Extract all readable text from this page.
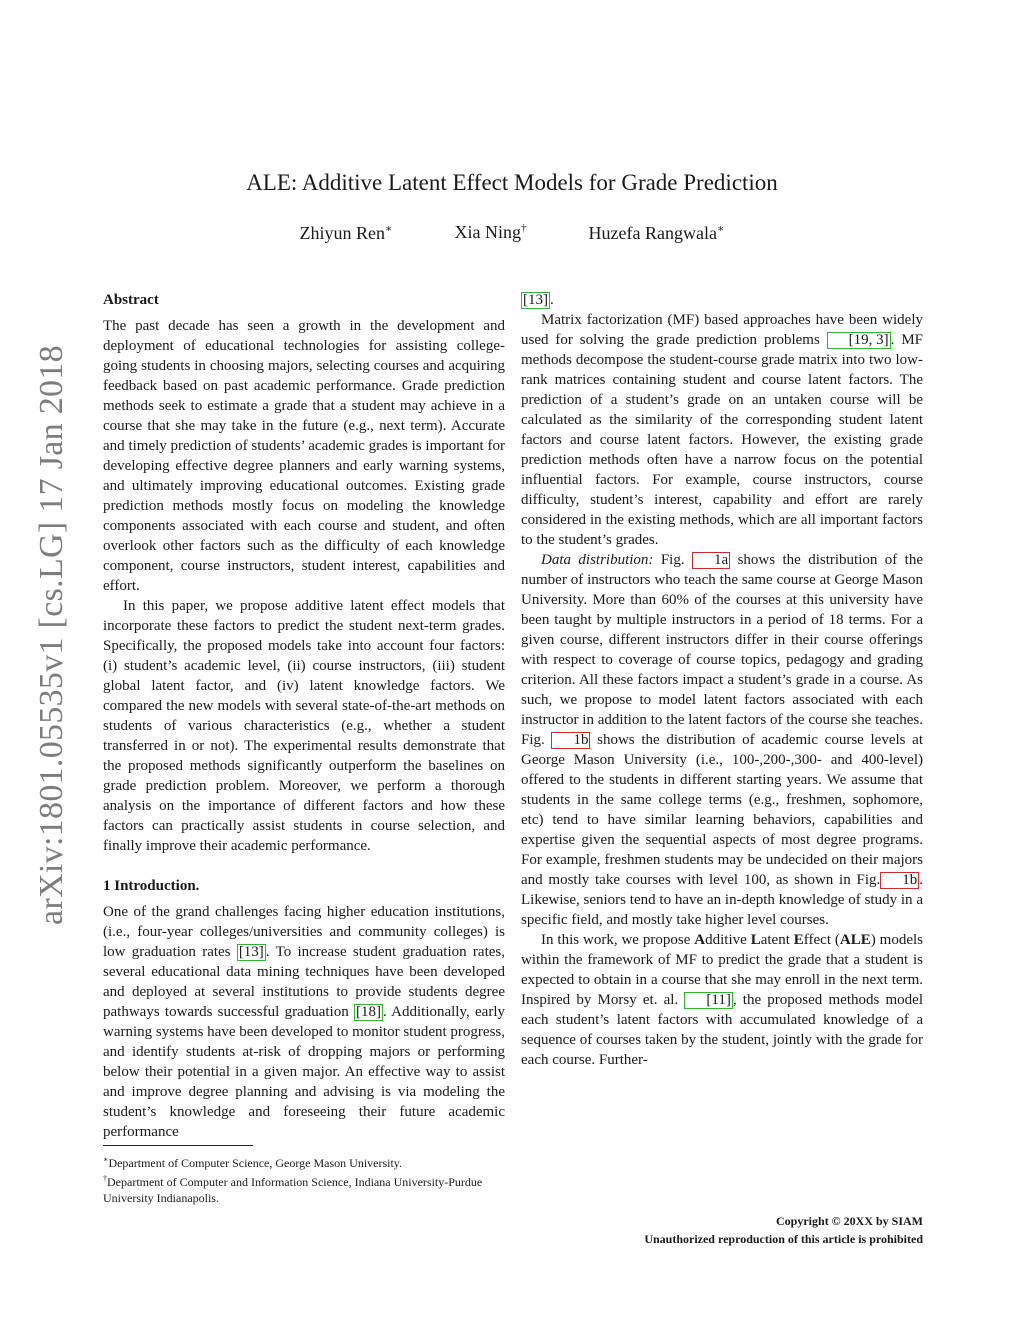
arXiv:1801.05535v1 [cs.LG] 17 Jan 2018
ALE: Additive Latent Effect Models for Grade Prediction
Zhiyun Ren∗	Xia Ning†	Huzefa Rangwala∗
Abstract

The past decade has seen a growth in the development and deployment of educational technologies for assisting college-going students in choosing majors, selecting courses and acquiring feedback based on past academic performance. Grade prediction methods seek to estimate a grade that a student may achieve in a course that she may take in the future (e.g., next term). Accurate and timely prediction of students’ academic grades is important for developing effective degree planners and early warning systems, and ultimately improving educational outcomes. Existing grade prediction methods mostly focus on modeling the knowledge components associated with each course and student, and often overlook other factors such as the difficulty of each knowledge component, course instructors, student interest, capabilities and effort.

In this paper, we propose additive latent effect models that incorporate these factors to predict the student next-term grades. Specifically, the proposed models take into account four factors: (i) student’s academic level, (ii) course instructors, (iii) student global latent factor, and (iv) latent knowledge factors. We compared the new models with several state-of-the-art methods on students of various characteristics (e.g., whether a student transferred in or not). The experimental results demonstrate that the proposed methods significantly outperform the baselines on grade prediction problem. Moreover, we perform a thorough analysis on the importance of different factors and how these factors can practically assist students in course selection, and finally improve their academic performance.

1 Introduction.

One of the grand challenges facing higher education institutions, (i.e., four-year colleges/universities and community colleges) is low graduation rates [13] . To increase student graduation rates, several educational data mining techniques have been developed and deployed at several institutions to provide students degree pathways towards successful graduation [18] . Additionally, early warning systems have been developed to monitor student progress, and identify students at-risk of dropping majors or performing below their potential in a given major. An effective way to assist and improve degree planning and advising is via modeling the student’s knowledge and foreseeing their future academic performance

[13] .

Matrix factorization (MF) based approaches have been widely used for solving the grade prediction problems [19, 3] . MF methods decompose the student-course grade matrix into two low-rank matrices containing student and course latent factors. The prediction of a student’s grade on an untaken course will be calculated as the similarity of the corresponding student latent factors and course latent factors. However, the existing grade prediction methods often have a narrow focus on the potential influential factors. For example, course instructors, course difficulty, student’s interest, capability and effort are rarely considered in the existing methods, which are all important factors to the student’s grades.

Data distribution: Fig. 1a shows the distribution of the number of instructors who teach the same course at George Mason University. More than 60% of the courses at this university have been taught by multiple instructors in a period of 18 terms. For a given course, different instructors differ in their course offerings with respect to coverage of course topics, pedagogy and grading criterion. All these factors impact a student’s grade in a course. As such, we propose to model latent factors associated with each instructor in addition to the latent factors of the course she teaches. Fig. 1b shows the distribution of academic course levels at George Mason University (i.e., 100-,200-,300- and 400-level) offered to the students in different starting years. We assume that students in the same college terms (e.g., freshmen, sophomore, etc) tend to have similar learning behaviors, capabilities and expertise given the sequential aspects of most degree programs. For example, freshmen students may be undecided on their majors and mostly take courses with level 100, as shown in Fig. 1b . Likewise, seniors tend to have an in-depth knowledge of study in a specific field, and mostly take higher level courses.

In this work, we propose Additive Latent Effect (ALE) models within the framework of MF to predict the grade that a student is expected to obtain in a course that she may enroll in the next term. Inspired by Morsy et. al. [11] , the proposed methods model each student’s latent factors with accumulated knowledge of a sequence of courses taken by the student, jointly with the grade for each course. Further-

∗Department of Computer Science, George Mason University.
†Department of Computer and Information Science, Indiana University-Purdue University Indianapolis.
Copyright © 20XX by SIAM
Unauthorized reproduction of this article is prohibited
